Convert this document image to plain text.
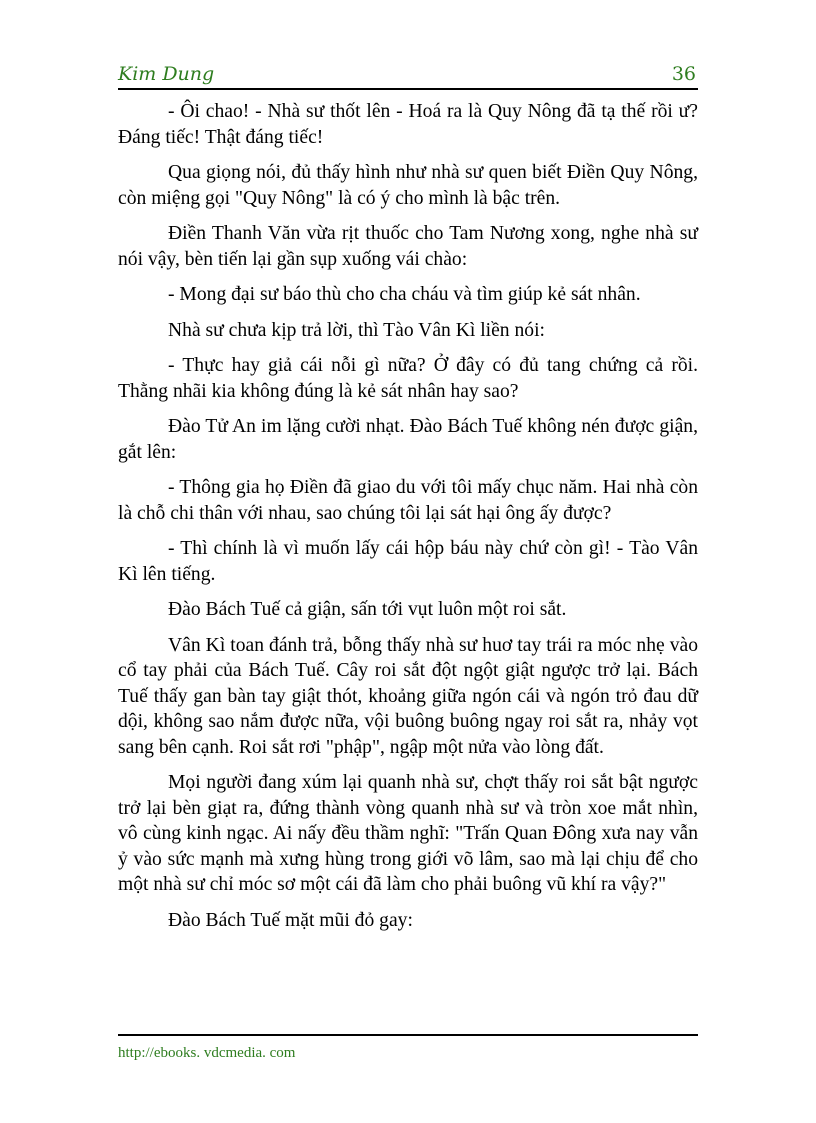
Kim Dung	36

- Ôi chao! - Nhà sư thốt lên - Hoá ra là Quy Nông đã tạ thế rồi ư? Đáng tiếc! Thật đáng tiếc!

Qua giọng nói, đủ thấy hình như nhà sư quen biết Điền Quy Nông, còn miệng gọi "Quy Nông" là có ý cho mình là bậc trên.

Điền Thanh Văn vừa rịt thuốc cho Tam Nương xong, nghe nhà sư nói vậy, bèn tiến lại gần sụp xuống vái chào:

- Mong đại sư báo thù cho cha cháu và tìm giúp kẻ sát nhân.

Nhà sư chưa kịp trả lời, thì Tào Vân Kì liền nói:

- Thực hay giả cái nỗi gì nữa? Ở đây có đủ tang chứng cả rồi. Thằng nhãi kia không đúng là kẻ sát nhân hay sao?

Đào Tử An im lặng cười nhạt. Đào Bách Tuế không nén được giận, gắt lên:

- Thông gia họ Điền đã giao du với tôi mấy chục năm. Hai nhà còn là chỗ chi thân với nhau, sao chúng tôi lại sát hại ông ấy được?

- Thì chính là vì muốn lấy cái hộp báu này chứ còn gì! - Tào Vân Kì lên tiếng.

Đào Bách Tuế cả giận, sấn tới vụt luôn một roi sắt.

Vân Kì toan đánh trả, bỗng thấy nhà sư huơ tay trái ra móc nhẹ vào cổ tay phải của Bách Tuế. Cây roi sắt đột ngột giật ngược trở lại. Bách Tuế thấy gan bàn tay giật thót, khoảng giữa ngón cái và ngón trỏ đau dữ dội, không sao nắm được nữa, vội buông buông ngay roi sắt ra, nhảy vọt sang bên cạnh. Roi sắt rơi "phập", ngập một nửa vào lòng đất.

Mọi người đang xúm lại quanh nhà sư, chợt thấy roi sắt bật ngược trở lại bèn giạt ra, đứng thành vòng quanh nhà sư và tròn xoe mắt nhìn, vô cùng kinh ngạc. Ai nấy đều thầm nghĩ: "Trấn Quan Đông xưa nay vẫn ỷ vào sức mạnh mà xưng hùng trong giới võ lâm, sao mà lại chịu để cho một nhà sư chỉ móc sơ một cái đã làm cho phải buông vũ khí ra vậy?"

Đào Bách Tuế mặt mũi đỏ gay:

http://ebooks. vdcmedia. com
